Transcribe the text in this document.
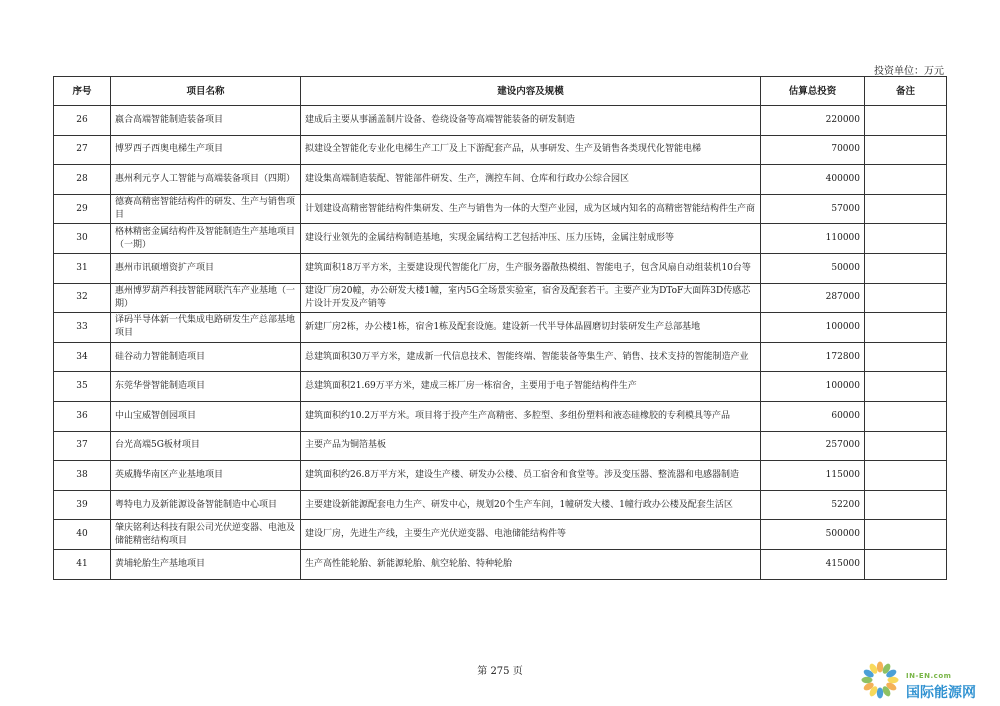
投资单位：万元
序号	项目名称	建设内容及规模	估算总投资	备注
26	嬴合高端智能制造装备项目	建成后主要从事涵盖制片设备、卷绕设备等高端智能装备的研发制造	220000	
27	博罗西子西奥电梯生产项目	拟建设全智能化专业化电梯生产工厂及上下游配套产品，从事研发、生产及销售各类现代化智能电梯	70000	
28	惠州利元亨人工智能与高端装备项目（四期）	建设集高端制造装配、智能部件研发、生产，测控车间、仓库和行政办公综合园区	400000	
29	德赛高精密智能结构件的研发、生产与销售项目	计划建设高精密智能结构件集研发、生产与销售为一体的大型产业园，成为区域内知名的高精密智能结构件生产商	57000	
30	格林精密金属结构件及智能制造生产基地项目（一期）	建设行业领先的金属结构制造基地，实现金属结构工艺包括冲压、压力压铸，金属注射成形等	110000	
31	惠州市讯硕增资扩产项目	建筑面积18万平方米，主要建设现代智能化厂房，生产服务器散热模组、智能电子，包含风扇自动组装机10台等	50000	
32	惠州博罗葫芦科技智能网联汽车产业基地（一期）	建设厂房20幢，办公研发大楼1幢，室内5G全场景实验室，宿舍及配套若干。主要产业为DToF大面阵3D传感芯片设计开发及产销等	287000	
33	译码半导体新一代集成电路研发生产总部基地项目	新建厂房2栋，办公楼1栋，宿舍1栋及配套设施。建设新一代半导体晶圆磨切封装研发生产总部基地	100000	
34	硅谷动力智能制造项目	总建筑面积30万平方米，建成新一代信息技术、智能终端、智能装备等集生产、销售、技术支持的智能制造产业	172800	
35	东莞华誉智能制造项目	总建筑面积21.69万平方米，建成三栋厂房一栋宿舍，主要用于电子智能结构件生产	100000	
36	中山宝威智创园项目	建筑面积约10.2万平方米。项目将于投产生产高精密、多腔型、多组份塑料和液态硅橡胶的专利模具等产品	60000	
37	台光高端5G板材项目	主要产品为铜箔基板	257000	
38	英威腾华南区产业基地项目	建筑面积约26.8万平方米，建设生产楼、研发办公楼、员工宿舍和食堂等。涉及变压器、整流器和电感器制造	115000	
39	粤特电力及新能源设备智能制造中心项目	主要建设新能源配套电力生产、研发中心，规划20个生产车间，1幢研发大楼、1幢行政办公楼及配套生活区	52200	
40	肇庆铭利达科技有限公司光伏逆变器、电池及储能精密结构项目	建设厂房，先进生产线，主要生产光伏逆变器、电池储能结构件等	500000	
41	黄埔轮胎生产基地项目	生产高性能轮胎、新能源轮胎、航空轮胎、特种轮胎	415000	
第 275 页	IN-EN.com
国际能源网
